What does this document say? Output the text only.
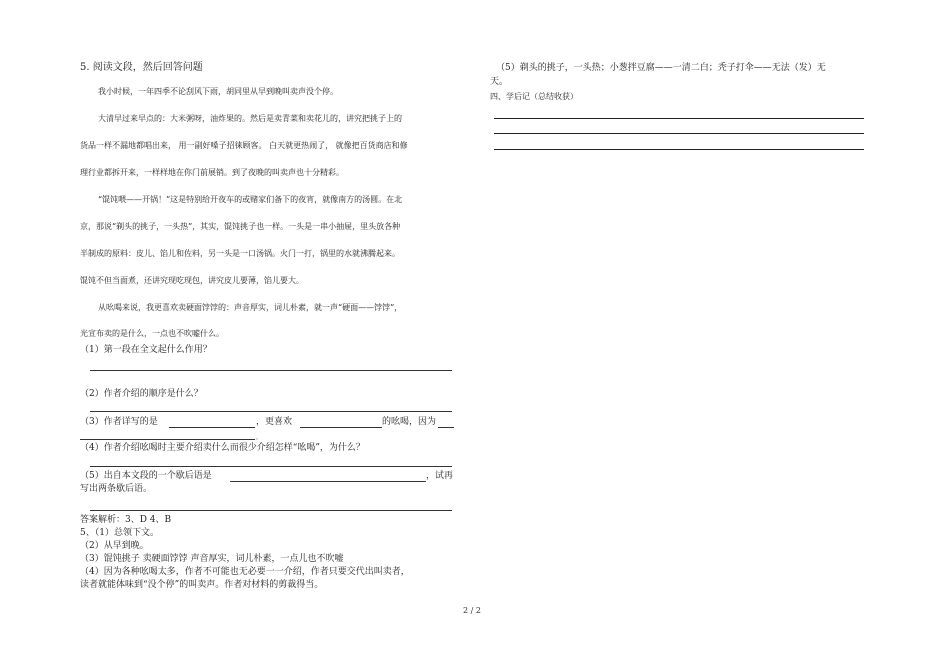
5. 阅读文段，然后回答问题
我小时候，一年四季不论刮风下雨，胡同里从早到晚叫卖声没个停。
大清早过来早点的：大米粥呀，油炸果的。然后是卖青菜和卖花儿的，讲究把挑子上的
货品一样不漏地都唱出来， 用一副好嗓子招徕顾客。 白天就更热闹了， 就像把百货商店和修
理行业都拆开来，一样样地在你门前展销。到了夜晚的叫卖声也十分精彩。
“馄饨喂——开锅！”这是特别给开夜车的或赌家们备下的夜宵，就像南方的汤圆。在北
京，那说“剃头的挑子，一头热”，其实，馄饨挑子也一样。一头是一串小抽屉，里头放各种
半制成的原料：皮儿、馅儿和佐料，另一头是一口汤锅。火门一打，锅里的水就沸腾起来。
馄饨不但当面煮，还讲究现吃现包，讲究皮儿要薄，馅儿要大。
从吆喝来说，我更喜欢卖硬面饽饽的：声音厚实，词儿朴素，就一声“硬面——饽饽”，
光宣布卖的是什么，一点也不吹嘘什么。
（1）第一段在全文起什么作用？
（2）作者介绍的顺序是什么？
（3）作者详写的是	，更喜欢	的吆喝，因为
。
（4）作者介绍吆喝时主要介绍卖什么而很少介绍怎样“吆喝”，为什么？
（5）出自本文段的一个歇后语是	，试再
写出两条歇后语。
答案解析：3、D 4、B
5、（1）总领下文。
（2）从早到晚。
（3）馄饨挑子 卖硬面饽饽 声音厚实，词儿朴素，一点儿也不吹嘘
（4）因为各种吆喝太多，作者不可能也无必要一一介绍，作者只要交代出叫卖者，
读者就能体味到“没个停”的叫卖声。作者对材料的剪裁得当。
（5）剃头的挑子，一头热；小葱拌豆腐——一清二白；秃子打伞——无法（发）无
天。
四、学后记（总结收获）
2 / 2
